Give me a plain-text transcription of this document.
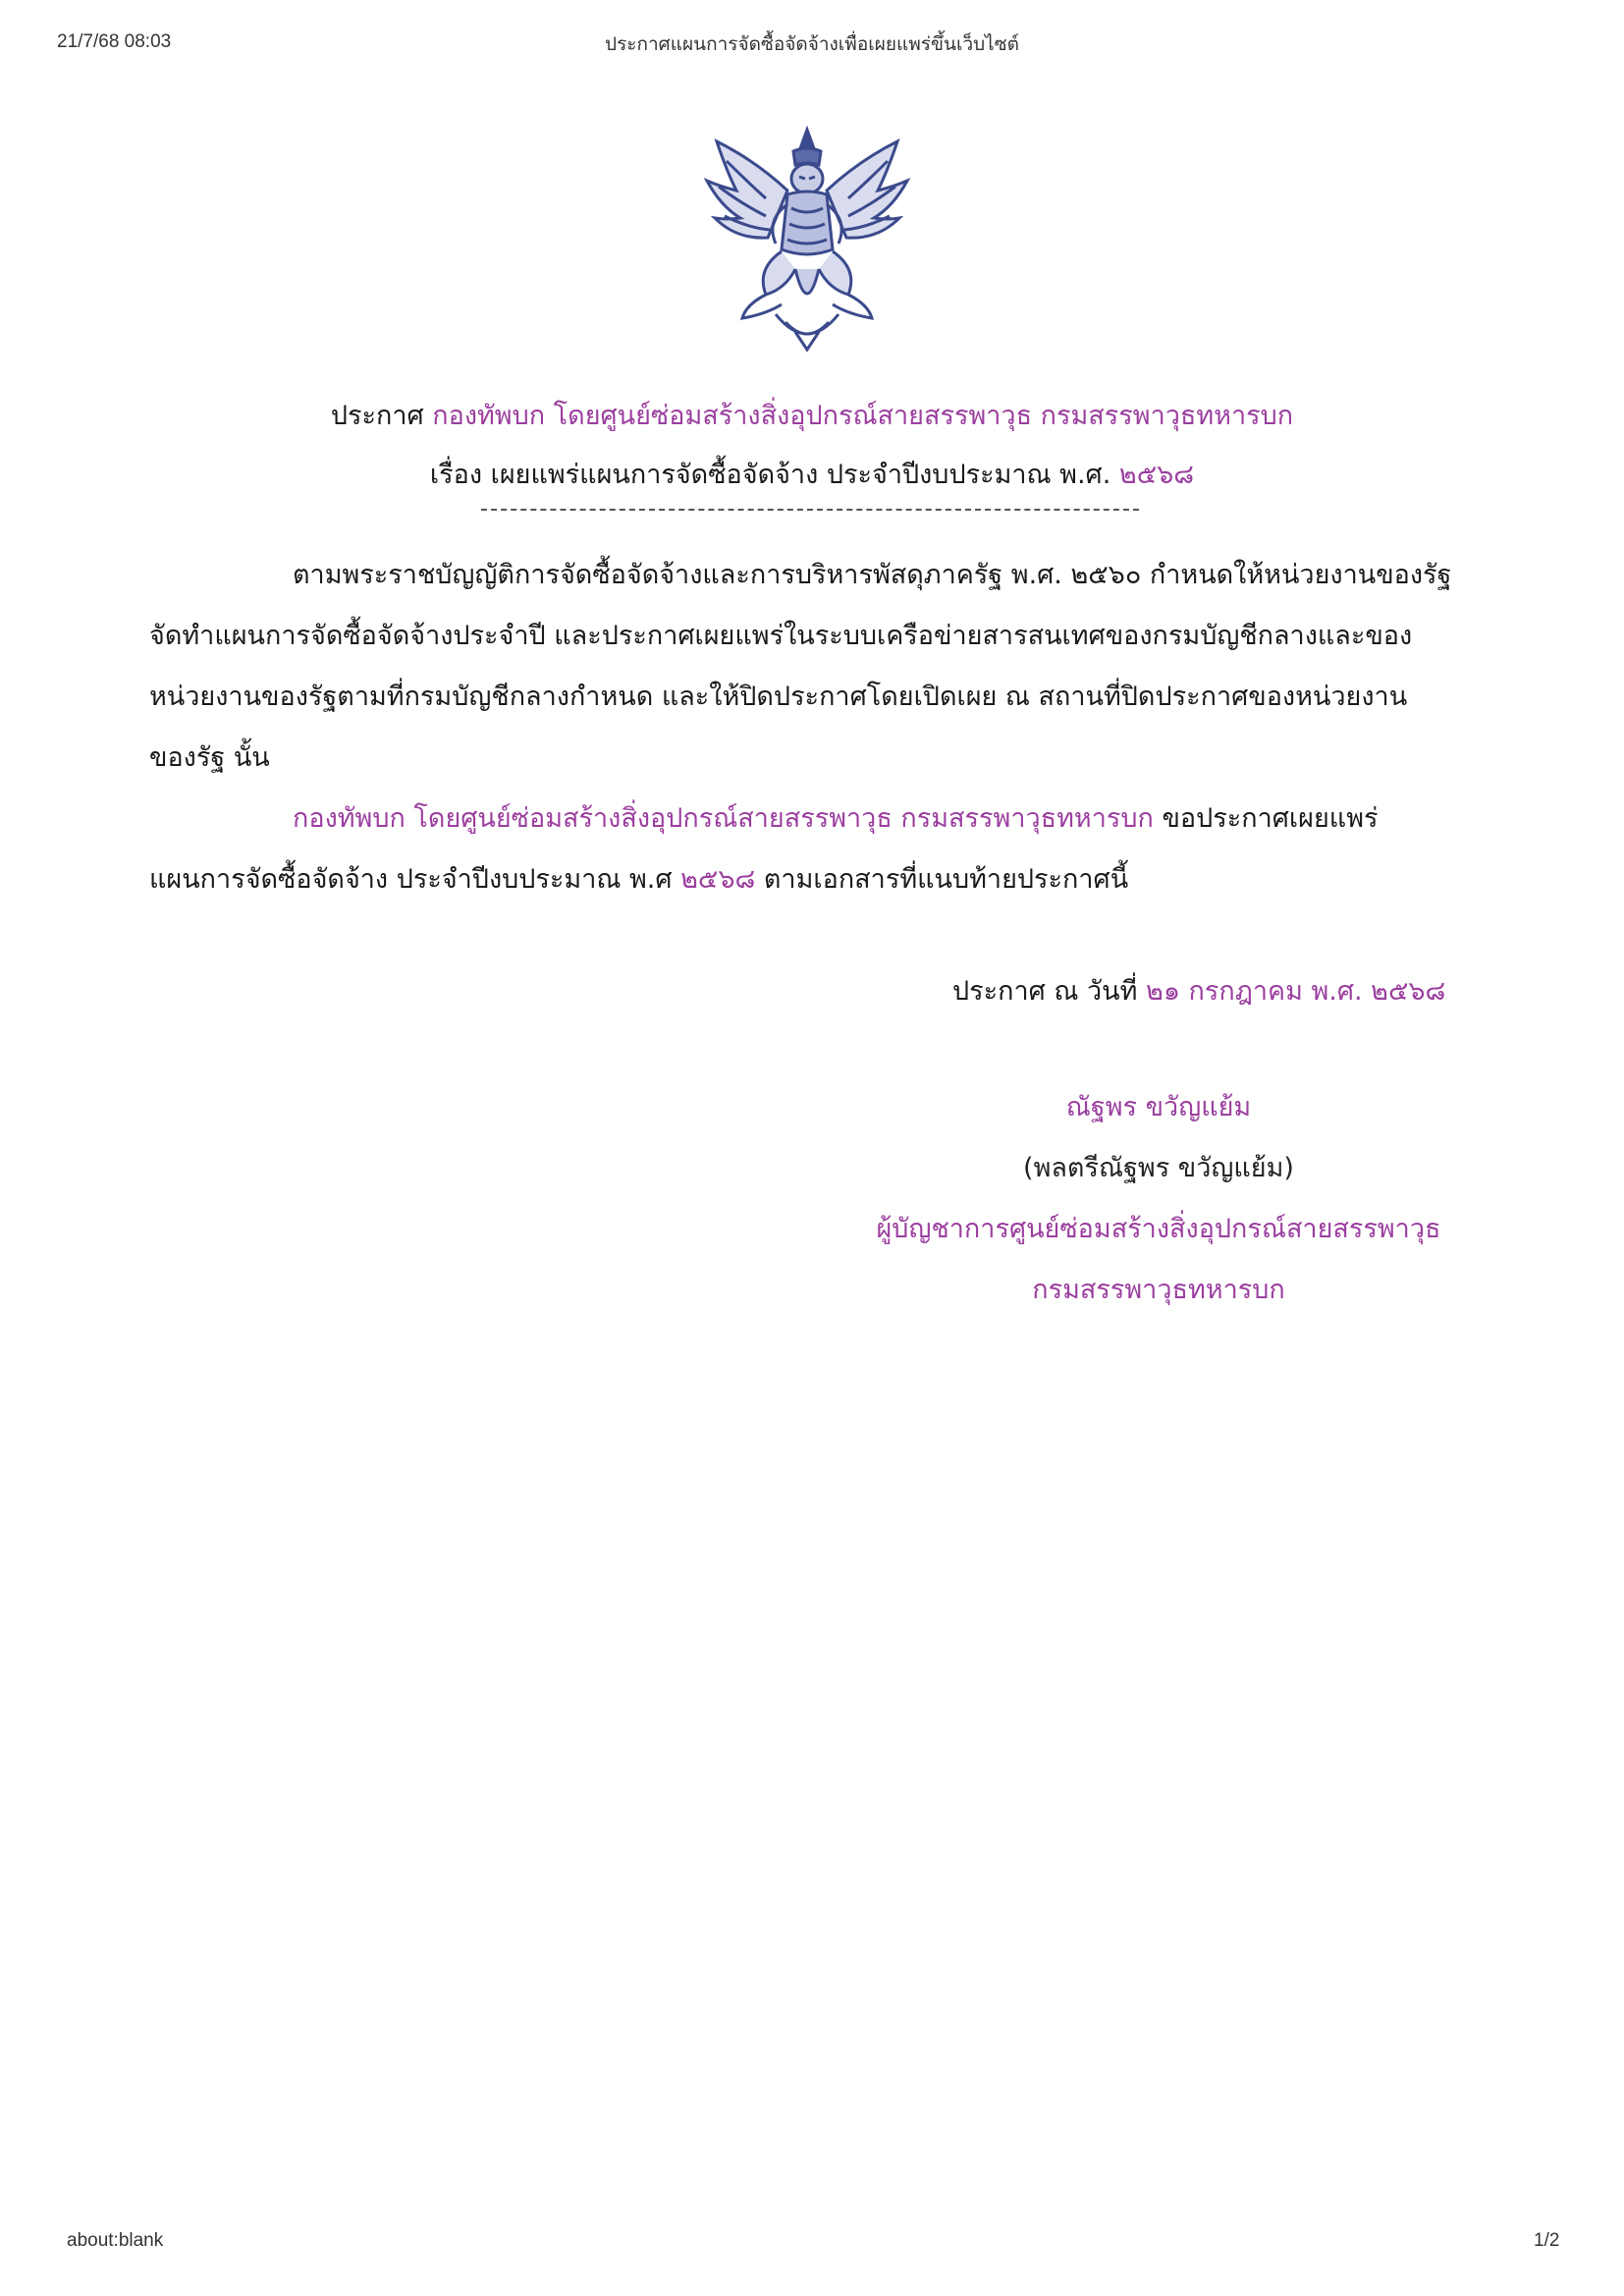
21/7/68 08:03	ประกาศแผนการจัดซื้อจัดจ้างเพื่อเผยแพร่ขึ้นเว็บไซต์
ประกาศ กองทัพบก โดยศูนย์ซ่อมสร้างสิ่งอุปกรณ์สายสรรพาวุธ กรมสรรพาวุธทหารบก
เรื่อง เผยแพร่แผนการจัดซื้อจัดจ้าง ประจำปีงบประมาณ พ.ศ. ๒๕๖๘
ตามพระราชบัญญัติการจัดซื้อจัดจ้างและการบริหารพัสดุภาครัฐ พ.ศ. ๒๕๖๐ กำหนดให้หน่วยงานของรัฐ
จัดทำแผนการจัดซื้อจัดจ้างประจำปี และประกาศเผยแพร่ในระบบเครือข่ายสารสนเทศของกรมบัญชีกลางและของ
หน่วยงานของรัฐตามที่กรมบัญชีกลางกำหนด และให้ปิดประกาศโดยเปิดเผย ณ สถานที่ปิดประกาศของหน่วยงาน
ของรัฐ นั้น
กองทัพบก โดยศูนย์ซ่อมสร้างสิ่งอุปกรณ์สายสรรพาวุธ กรมสรรพาวุธทหารบก ขอประกาศเผยแพร่
แผนการจัดซื้อจัดจ้าง ประจำปีงบประมาณ พ.ศ ๒๕๖๘ ตามเอกสารที่แนบท้ายประกาศนี้
ประกาศ ณ วันที่ ๒๑ กรกฎาคม พ.ศ. ๒๕๖๘
ณัฐพร ขวัญแย้ม
(พลตรีณัฐพร ขวัญแย้ม)
ผู้บัญชาการศูนย์ซ่อมสร้างสิ่งอุปกรณ์สายสรรพาวุธ
กรมสรรพาวุธทหารบก
about:blank	1/2
